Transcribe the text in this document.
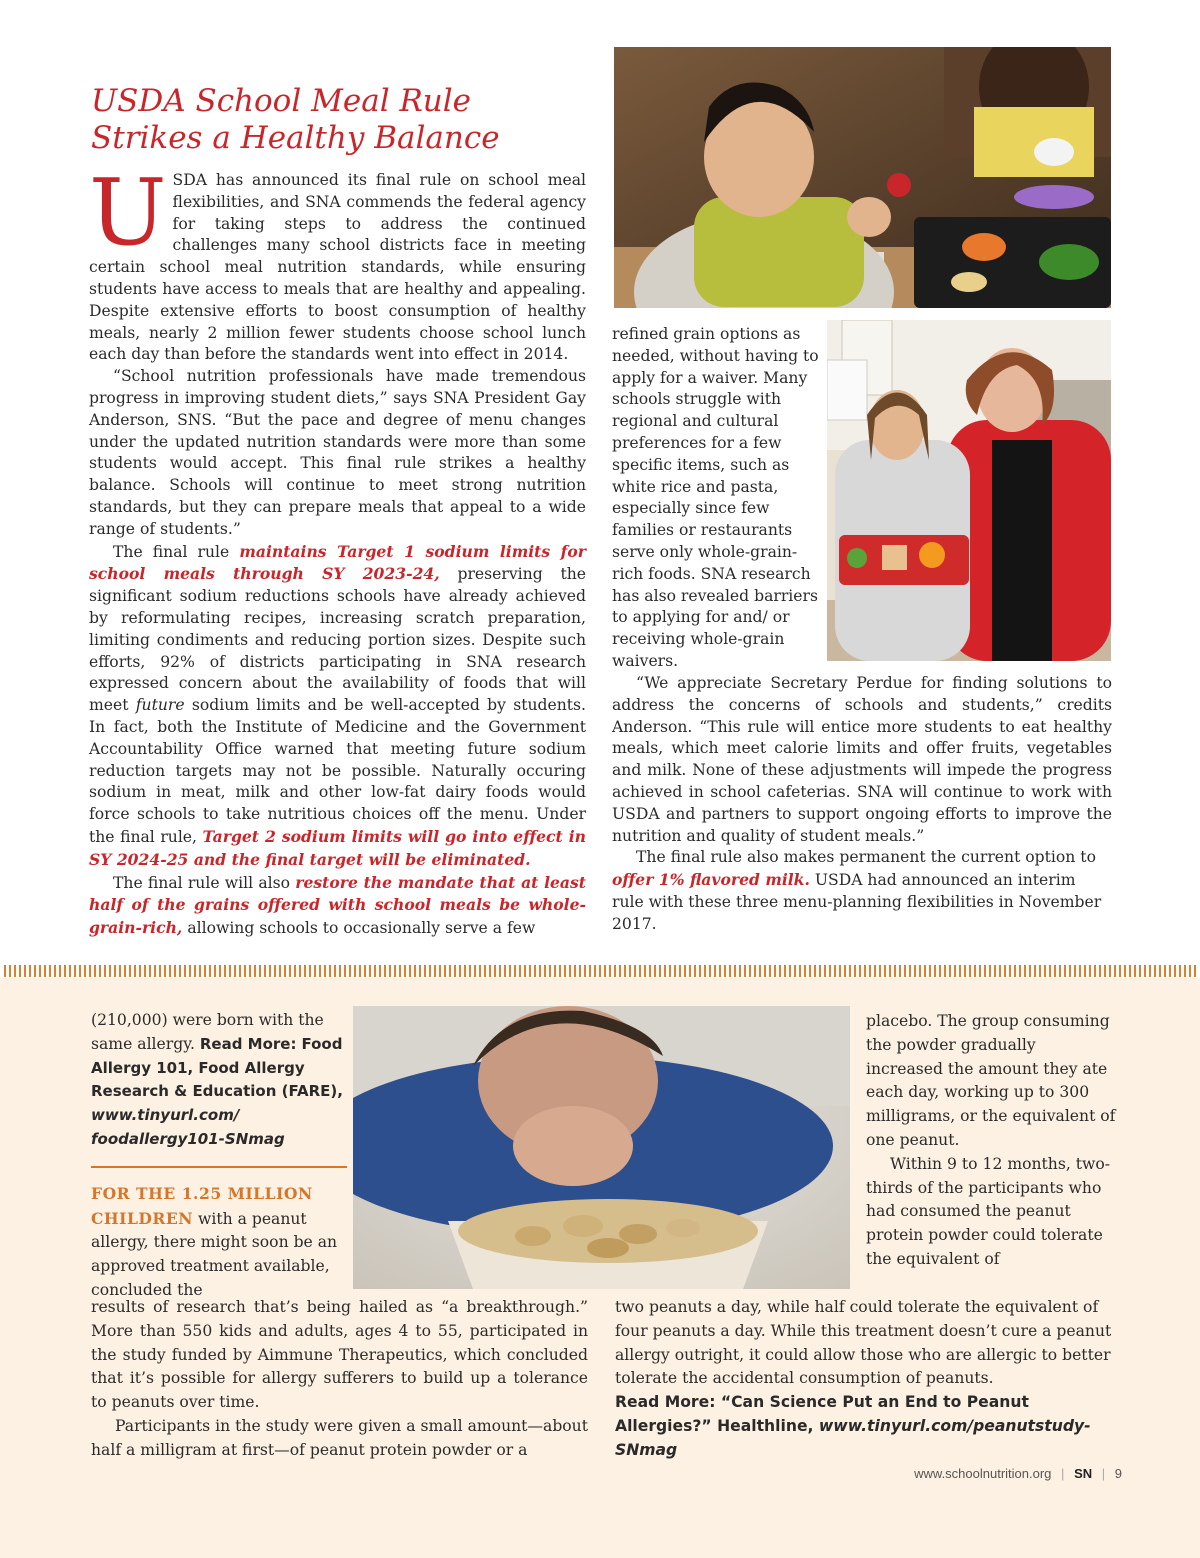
USDA School Meal Rule
Strikes a Healthy Balance

U SDA has announced its final rule on school meal flexibilities, and SNA commends the federal agency for taking steps to address the continued challenges many school districts face in meeting certain school meal nutrition standards, while ensuring students have access to meals that are healthy and appealing. Despite extensive efforts to boost consumption of healthy meals, nearly 2 million fewer students choose school lunch each day than before the standards went into effect in 2014.

“School nutrition professionals have made tremendous progress in improving student diets,” says SNA President Gay Anderson, SNS. “But the pace and degree of menu changes under the updated nutrition standards were more than some students would accept. This final rule strikes a healthy balance. Schools will continue to meet strong nutrition standards, but they can prepare meals that appeal to a wide range of students.”

The final rule maintains Target 1 sodium limits for school meals through SY 2023-24, preserving the significant sodium reductions schools have already achieved by reformulating recipes, increasing scratch preparation, limiting condiments and reducing portion sizes. Despite such efforts, 92% of districts participating in SNA research expressed concern about the availability of foods that will meet future sodium limits and be well-accepted by students. In fact, both the Institute of Medicine and the Government Accountability Office warned that meeting future sodium reduction targets may not be possible. Naturally occuring sodium in meat, milk and other low-fat dairy foods would force schools to take nutritious choices off the menu. Under the final rule, Target 2 sodium limits will go into effect in SY 2024-25 and the final target will be eliminated.

The final rule will also restore the mandate that at least half of the grains offered with school meals be whole-grain-rich, allowing schools to occasionally serve a few

refined grain options as needed, without having to apply for a waiver. Many schools struggle with regional and cultural preferences for a few specific items, such as white rice and pasta, especially since few families or restaurants serve only whole-grain-rich foods. SNA research has also revealed barriers to applying for and/ or receiving whole-grain waivers.

“We appreciate Secretary Perdue for finding solutions to address the concerns of schools and students,” credits Anderson. “This rule will entice more students to eat healthy meals, which meet calorie limits and offer fruits, vegetables and milk. None of these adjustments will impede the progress achieved in school cafeterias. SNA will continue to work with USDA and partners to support ongoing efforts to improve the nutrition and quality of student meals.”

The final rule also makes permanent the current option to offer 1% flavored milk. USDA had announced an interim rule with these three menu-planning flexibilities in November 2017.

(210,000) were born with the same allergy. Read More: Food Allergy 101, Food Allergy Research & Education (FARE), www.tinyurl.com/ foodallergy101-SNmag

FOR THE 1.25 MILLION CHILDREN with a peanut allergy, there might soon be an approved treatment available, concluded the

results of research that’s being hailed as “a breakthrough.” More than 550 kids and adults, ages 4 to 55, participated in the study funded by Aimmune Therapeutics, which concluded that it’s possible for allergy sufferers to build up a tolerance to peanuts over time.

Participants in the study were given a small amount—about half a milligram at first—of peanut protein powder or a

placebo. The group consuming the powder gradually increased the amount they ate each day, working up to 300 milligrams, or the equivalent of one peanut.

Within 9 to 12 months, two-thirds of the participants who had consumed the peanut protein powder could tolerate the equivalent of

two peanuts a day, while half could tolerate the equivalent of four peanuts a day. While this treatment doesn’t cure a peanut allergy outright, it could allow those who are allergic to better tolerate the accidental consumption of peanuts.

Read More: “Can Science Put an End to Peanut Allergies?” Healthline, www.tinyurl.com/peanutstudy-SNmag

www.schoolnutrition.org | SN | 9
